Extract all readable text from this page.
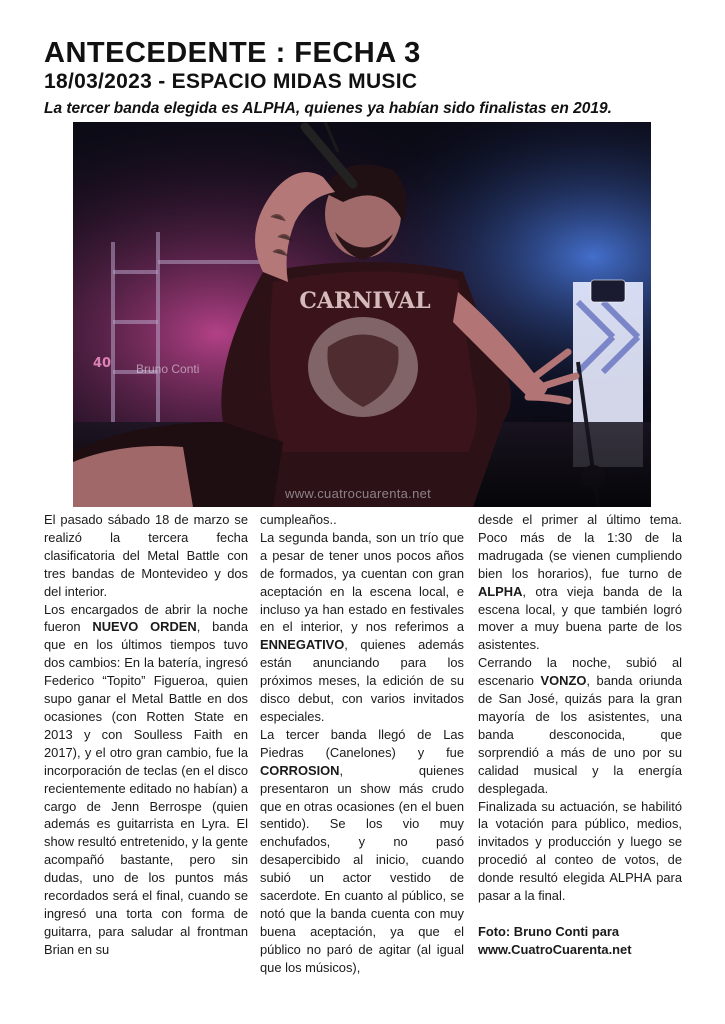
ANTECEDENTE : FECHA 3
18/03/2023 - ESPACIO MIDAS MUSIC
La tercer banda elegida es ALPHA, quienes ya habían sido finalistas en 2019.
CARNIVAL
40 Bruno Conti
www.cuatrocuarenta.net

El pasado sábado 18 de marzo se realizó la tercera fecha clasificatoria del Metal Battle con tres bandas de Montevideo y dos del interior.

Los encargados de abrir la noche fueron NUEVO ORDEN, banda que en los últimos tiempos tuvo dos cambios: En la batería, ingresó Federico “Topito” Figueroa, quien supo ganar el Metal Battle en dos ocasiones (con Rotten State en 2013 y con Soulless Faith en 2017), y el otro gran cambio, fue la incorporación de teclas (en el disco recientemente editado no habían) a cargo de Jenn Berrospe (quien además es guitarrista en Lyra. El show resultó entretenido, y la gente acompañó bastante, pero sin dudas, uno de los puntos más recordados será el final, cuando se ingresó una torta con forma de guitarra, para saludar al frontman Brian en su

cumpleaños..

La segunda banda, son un trío que a pesar de tener unos pocos años de formados, ya cuentan con gran aceptación en la escena local, e incluso ya han estado en festivales en el interior, y nos referimos a ENNEGATIVO, quienes además están anunciando para los próximos meses, la edición de su disco debut, con varios invitados especiales.

La tercer banda llegó de Las Piedras (Canelones) y fue CORROSION, quienes presentaron un show más crudo que en otras ocasiones (en el buen sentido). Se los vio muy enchufados, y no pasó desapercibido al inicio, cuando subió un actor vestido de sacerdote. En cuanto al público, se notó que la banda cuenta con muy buena aceptación, ya que el público no paró de agitar (al igual que los músicos),

desde el primer al último tema. Poco más de la 1:30 de la madrugada (se vienen cumpliendo bien los horarios), fue turno de ALPHA, otra vieja banda de la escena local, y que también logró mover a muy buena parte de los asistentes.

Cerrando la noche, subió al escenario VONZO, banda oriunda de San José, quizás para la gran mayoría de los asistentes, una banda desconocida, que sorprendió a más de uno por su calidad musical y la energía desplegada.

Finalizada su actuación, se habilitó la votación para público, medios, invitados y producción y luego se procedió al conteo de votos, de donde resultó elegida ALPHA para pasar a la final.

Foto: Bruno Conti para
www.CuatroCuarenta.net
